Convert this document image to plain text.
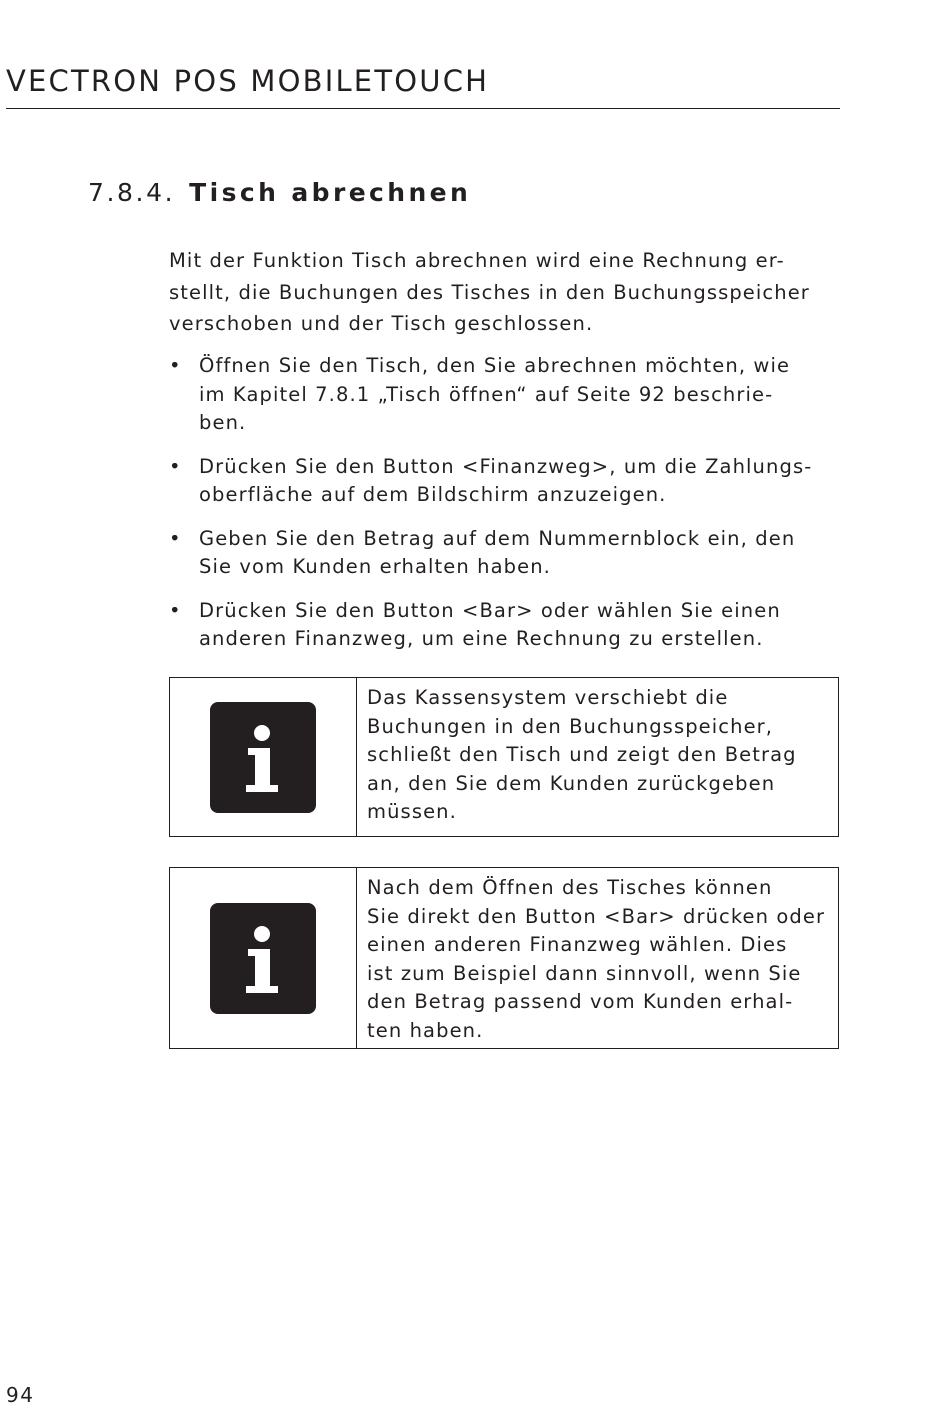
VECTRON POS MOBILETOUCH
7.8.4. Tisch abrechnen
Mit der Funktion Tisch abrechnen wird eine Rechnung er-
stellt, die Buchungen des Tisches in den Buchungsspeicher
verschoben und der Tisch geschlossen.
• Öffnen Sie den Tisch, den Sie abrechnen möchten, wie
im Kapitel 7.8.1 „Tisch öffnen“ auf Seite 92 beschrie-
ben.
• Drücken Sie den Button <Finanzweg>, um die Zahlungs-
oberfläche auf dem Bildschirm anzuzeigen.
• Geben Sie den Betrag auf dem Nummernblock ein, den
Sie vom Kunden erhalten haben.
• Drücken Sie den Button <Bar> oder wählen Sie einen
anderen Finanzweg, um eine Rechnung zu erstellen.
Das Kassensystem verschiebt die
Buchungen in den Buchungsspeicher,
schließt den Tisch und zeigt den Betrag
an, den Sie dem Kunden zurückgeben
müssen.
Nach dem Öffnen des Tisches können
Sie direkt den Button <Bar> drücken oder
einen anderen Finanzweg wählen. Dies
ist zum Beispiel dann sinnvoll, wenn Sie
den Betrag passend vom Kunden erhal-
ten haben.
94
